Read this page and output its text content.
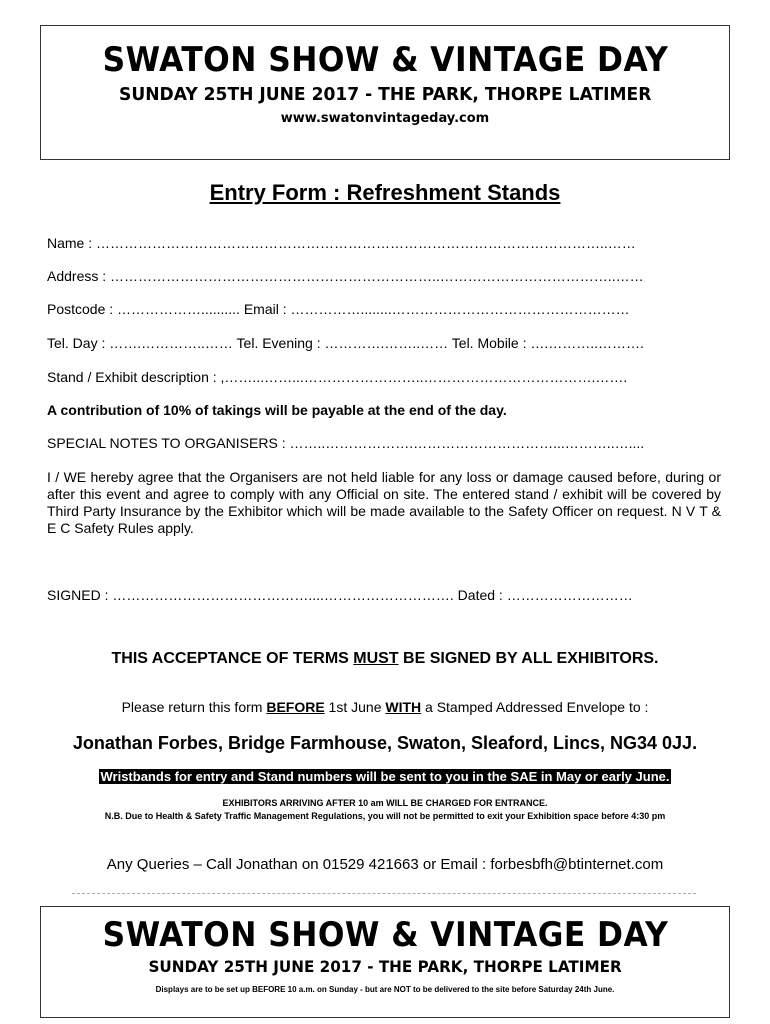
SWATON SHOW & VINTAGE DAY
SUNDAY 25TH JUNE 2017 - THE PARK, THORPE LATIMER
www.swatonvintageday.com
Entry Form : Refreshment Stands
Name : ………………………………………………………………………………………………..……
Address : ……………………………………………………………..………………………………..……
Postcode : ……………….......... Email : ……………........……………………………………………
Tel. Day : …….…………..…… Tel. Evening : ………….……..…… Tel. Mobile : ….………..……….
Stand / Exhibit description : ,……...……...……………………..……………………………….…….
A contribution of 10% of takings will be payable at the end of the day.
SPECIAL NOTES TO ORGANISERS : ……..……………….…………………………...………..…....
I / WE hereby agree that the Organisers are not held liable for any loss or damage caused before, during or after this event and agree to comply with any Official on site. The entered stand / exhibit will be covered by Third Party Insurance by the Exhibitor which will be made available to the Safety Officer on request. N V T & E C Safety Rules apply.
SIGNED : ……………………………………....………………………. Dated : ………………………
THIS ACCEPTANCE OF TERMS MUST BE SIGNED BY ALL EXHIBITORS.
Please return this form BEFORE 1st June WITH a Stamped Addressed Envelope to :
Jonathan Forbes, Bridge Farmhouse, Swaton, Sleaford, Lincs, NG34 0JJ.
Wristbands for entry and Stand numbers will be sent to you in the SAE in May or early June.
EXHIBITORS ARRIVING AFTER 10 am WILL BE CHARGED FOR ENTRANCE.
N.B. Due to Health & Safety Traffic Management Regulations, you will not be permitted to exit your Exhibition space before 4:30 pm
Any Queries – Call Jonathan on 01529 421663 or Email : forbesbfh@btinternet.com
SWATON SHOW & VINTAGE DAY
SUNDAY 25TH JUNE 2017 - THE PARK, THORPE LATIMER
Displays are to be set up BEFORE 10 a.m. on Sunday - but are NOT to be delivered to the site before Saturday 24th June.
